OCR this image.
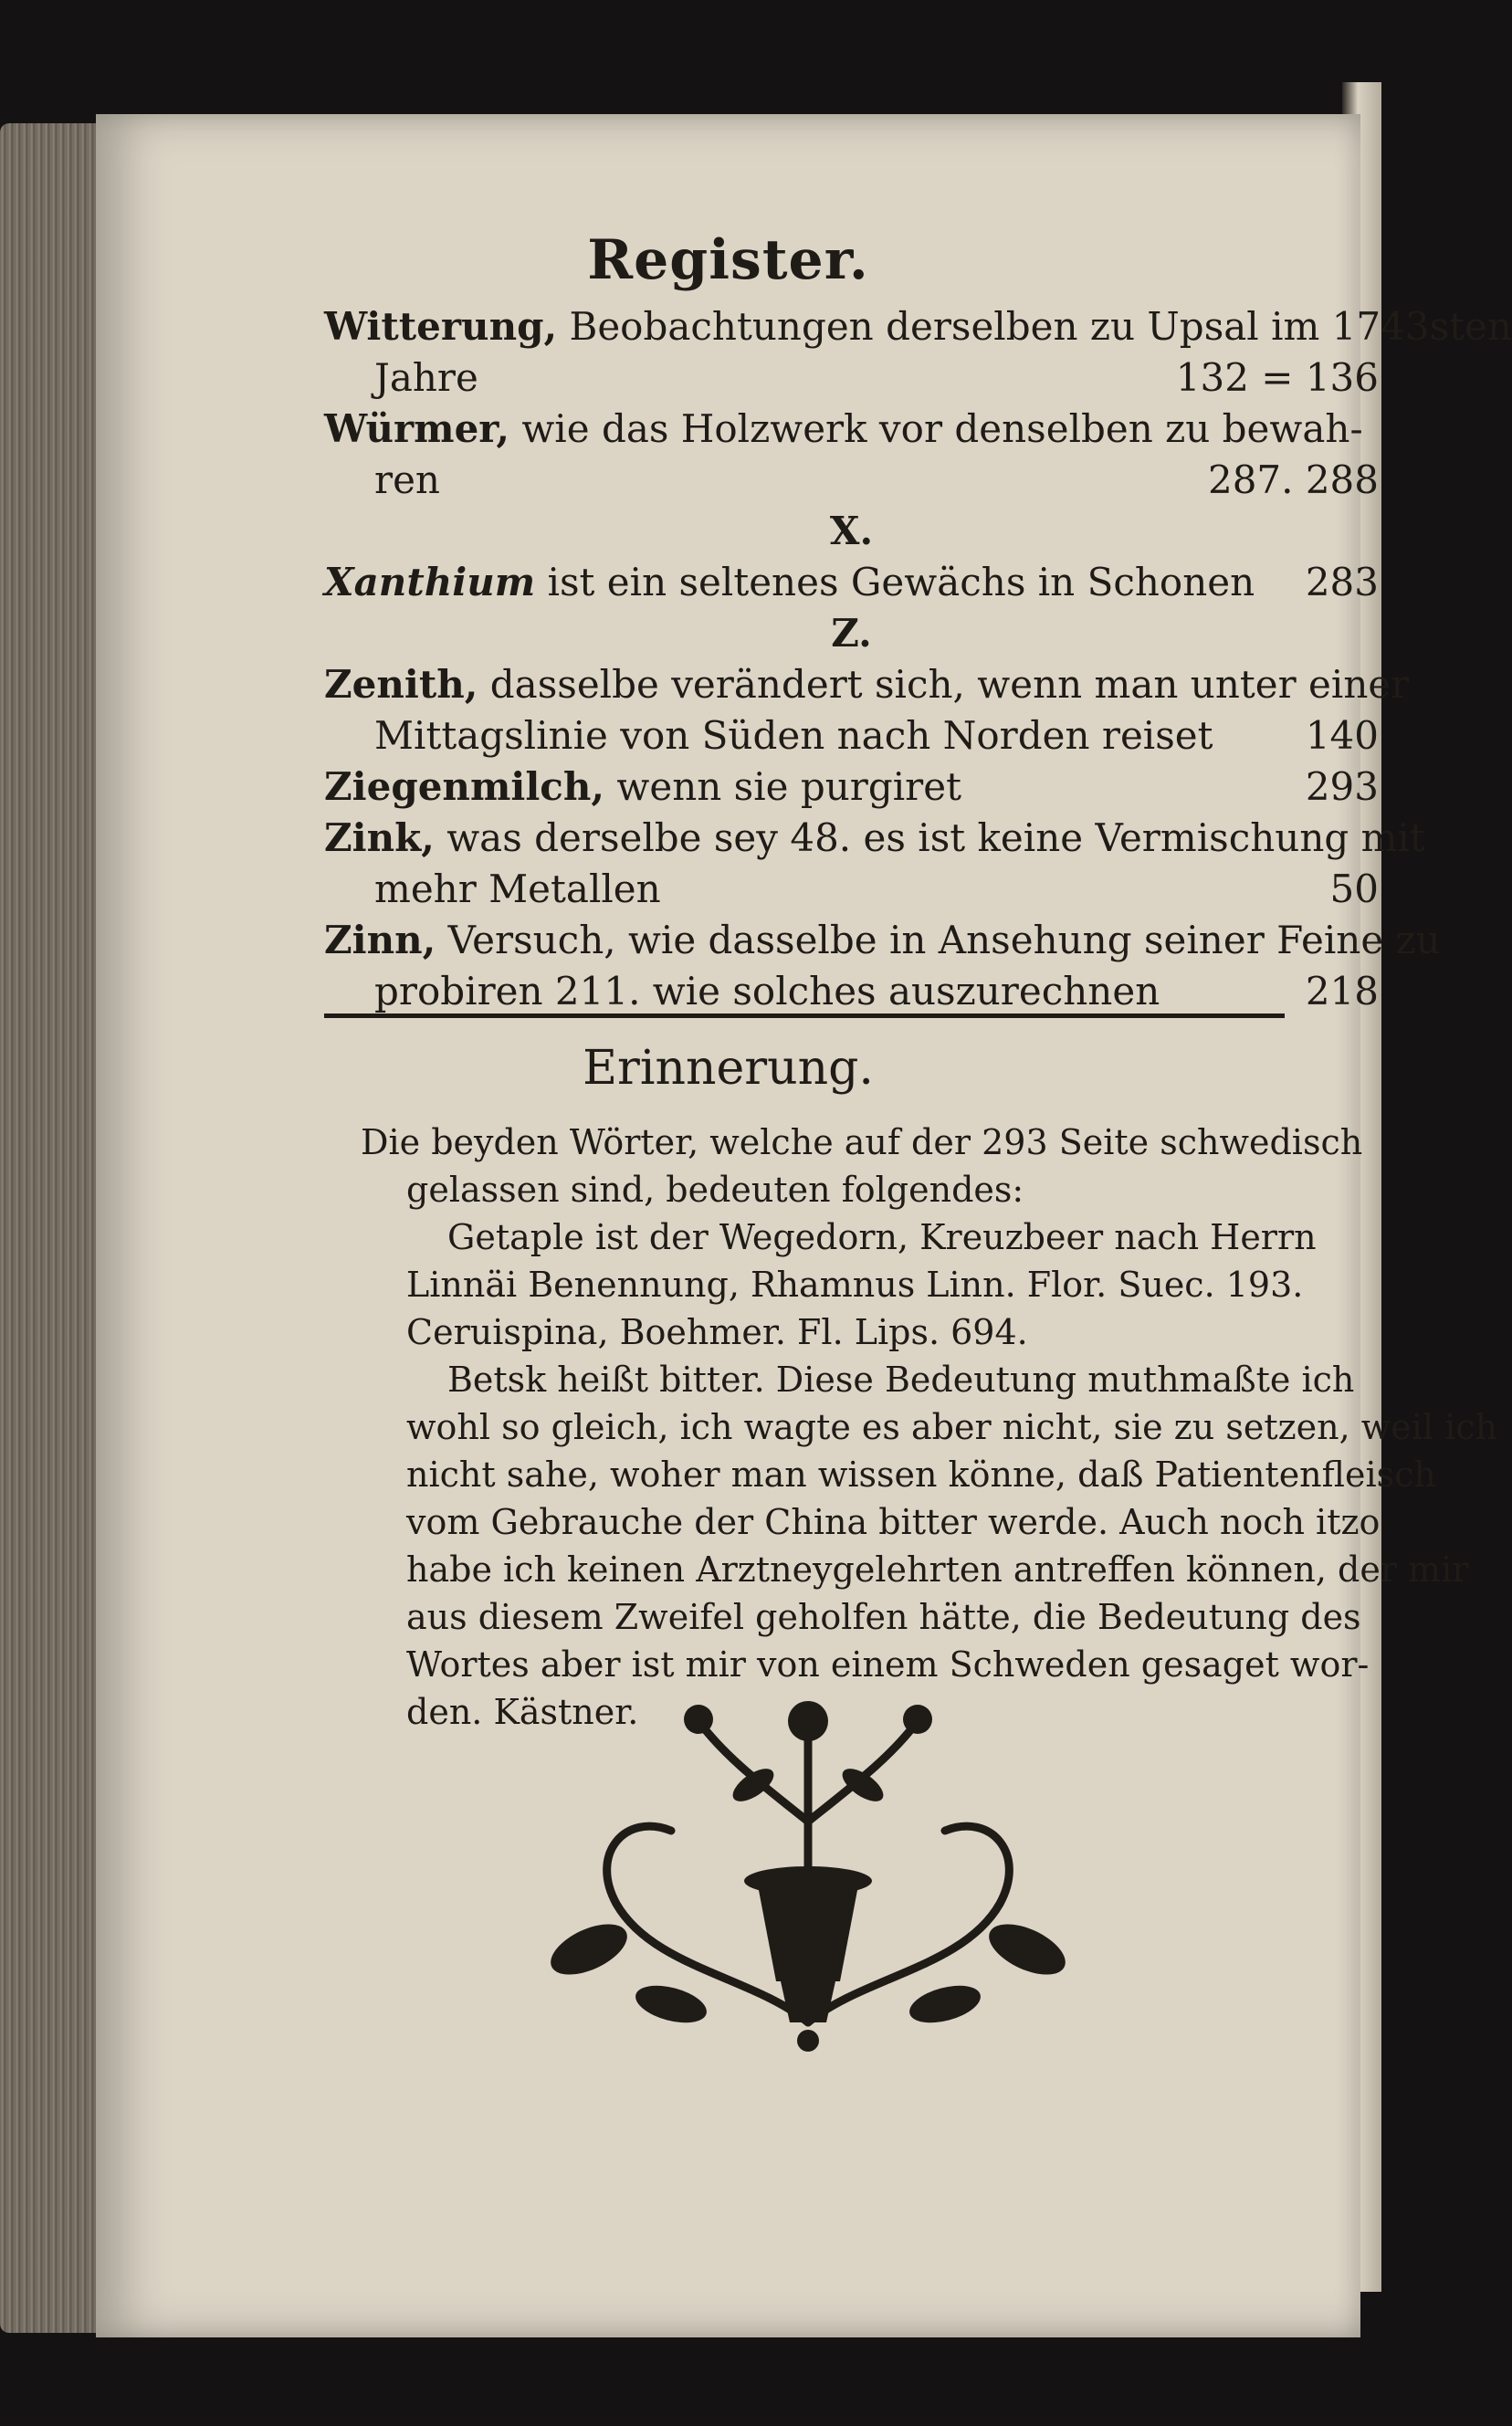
Register.
Witterung, Beobachtungen derselben zu Upsal im 1743sten
Jahre	132 = 136
Würmer, wie das Holzwerk vor denselben zu bewah-
ren	287. 288
X.
Xanthium ist ein seltenes Gewächs in Schonen 283
Z.
Zenith, dasselbe verändert sich, wenn man unter einer
Mittagslinie von Süden nach Norden reiset 140
Ziegenmilch, wenn sie purgiret	293
Zink, was derselbe sey 48. es ist keine Vermischung mit
mehr Metallen	50
Zinn, Versuch, wie dasselbe in Ansehung seiner Feine zu
probiren 211. wie solches auszurechnen	218
Erinnerung.
Die beyden Wörter, welche auf der 293 Seite schwedisch
gelassen sind, bedeuten folgendes:
Getaple ist der Wegedorn, Kreuzbeer nach Herrn
Linnäi Benennung, Rhamnus Linn. Flor. Suec. 193.
Ceruispina, Boehmer. Fl. Lips. 694.
Betsk heißt bitter. Diese Bedeutung muthmaßte ich
wohl so gleich, ich wagte es aber nicht, sie zu setzen, weil ich
nicht sahe, woher man wissen könne, daß Patientenfleisch
vom Gebrauche der China bitter werde. Auch noch itzo
habe ich keinen Arztneygelehrten antreffen können, der mir
aus diesem Zweifel geholfen hätte, die Bedeutung des
Wortes aber ist mir von einem Schweden gesaget wor-
den. Kästner.
